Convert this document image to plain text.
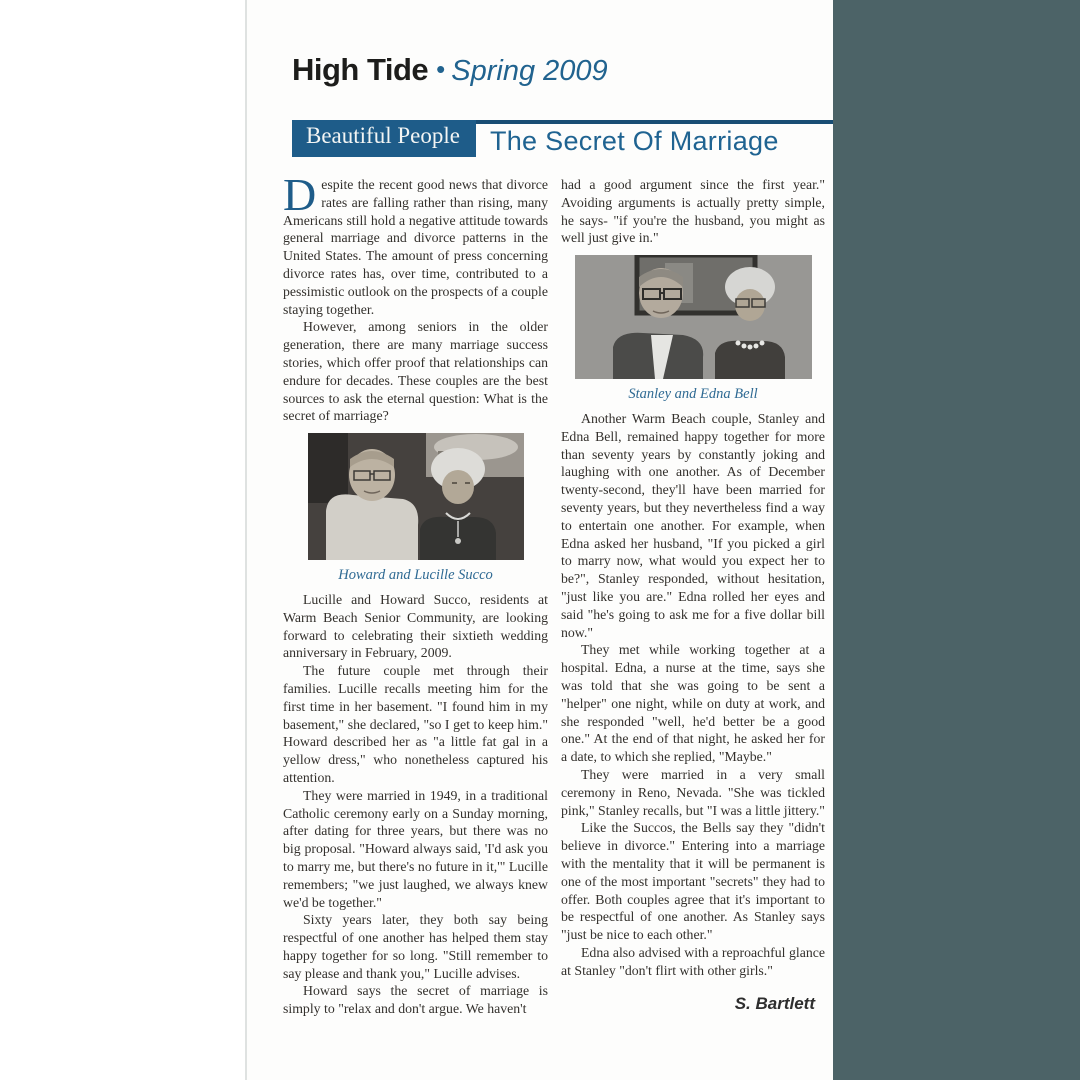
High Tide • Spring 2009
Beautiful People	The Secret Of Marriage

Despite the recent good news that divorce rates are falling rather than rising, many Americans still hold a negative attitude towards general marriage and divorce patterns in the United States. The amount of press concerning divorce rates has, over time, contributed to a pessimistic outlook on the prospects of a couple staying together.

However, among seniors in the older generation, there are many marriage success stories, which offer proof that relationships can endure for decades. These couples are the best sources to ask the eternal question: What is the secret of marriage?

Howard and Lucille Succo

Lucille and Howard Succo, residents at Warm Beach Senior Community, are looking forward to celebrating their sixtieth wedding anniversary in February, 2009.

The future couple met through their families. Lucille recalls meeting him for the first time in her basement. "I found him in my basement," she declared, "so I get to keep him." Howard described her as "a little fat gal in a yellow dress," who nonetheless captured his attention.

They were married in 1949, in a traditional Catholic ceremony early on a Sunday morning, after dating for three years, but there was no big proposal. "Howard always said, 'I'd ask you to marry me, but there's no future in it,'" Lucille remembers; "we just laughed, we always knew we'd be together."

Sixty years later, they both say being respectful of one another has helped them stay happy together for so long. "Still remember to say please and thank you," Lucille advises.

Howard says the secret of marriage is simply to "relax and don't argue. We haven't

had a good argument since the first year." Avoiding arguments is actually pretty simple, he says- "if you're the husband, you might as well just give in."

Stanley and Edna Bell

Another Warm Beach couple, Stanley and Edna Bell, remained happy together for more than seventy years by constantly joking and laughing with one another. As of December twenty-second, they'll have been married for seventy years, but they nevertheless find a way to entertain one another. For example, when Edna asked her husband, "If you picked a girl to marry now, what would you expect her to be?", Stanley responded, without hesitation, "just like you are." Edna rolled her eyes and said "he's going to ask me for a five dollar bill now."

They met while working together at a hospital. Edna, a nurse at the time, says she was told that she was going to be sent a "helper" one night, while on duty at work, and she responded "well, he'd better be a good one." At the end of that night, he asked her for a date, to which she replied, "Maybe."

They were married in a very small ceremony in Reno, Nevada. "She was tickled pink," Stanley recalls, but "I was a little jittery."

Like the Succos, the Bells say they "didn't believe in divorce." Entering into a marriage with the mentality that it will be permanent is one of the most important "secrets" they had to offer. Both couples agree that it's important to be respectful of one another. As Stanley says "just be nice to each other."

Edna also advised with a reproachful glance at Stanley "don't flirt with other girls."

S. Bartlett
